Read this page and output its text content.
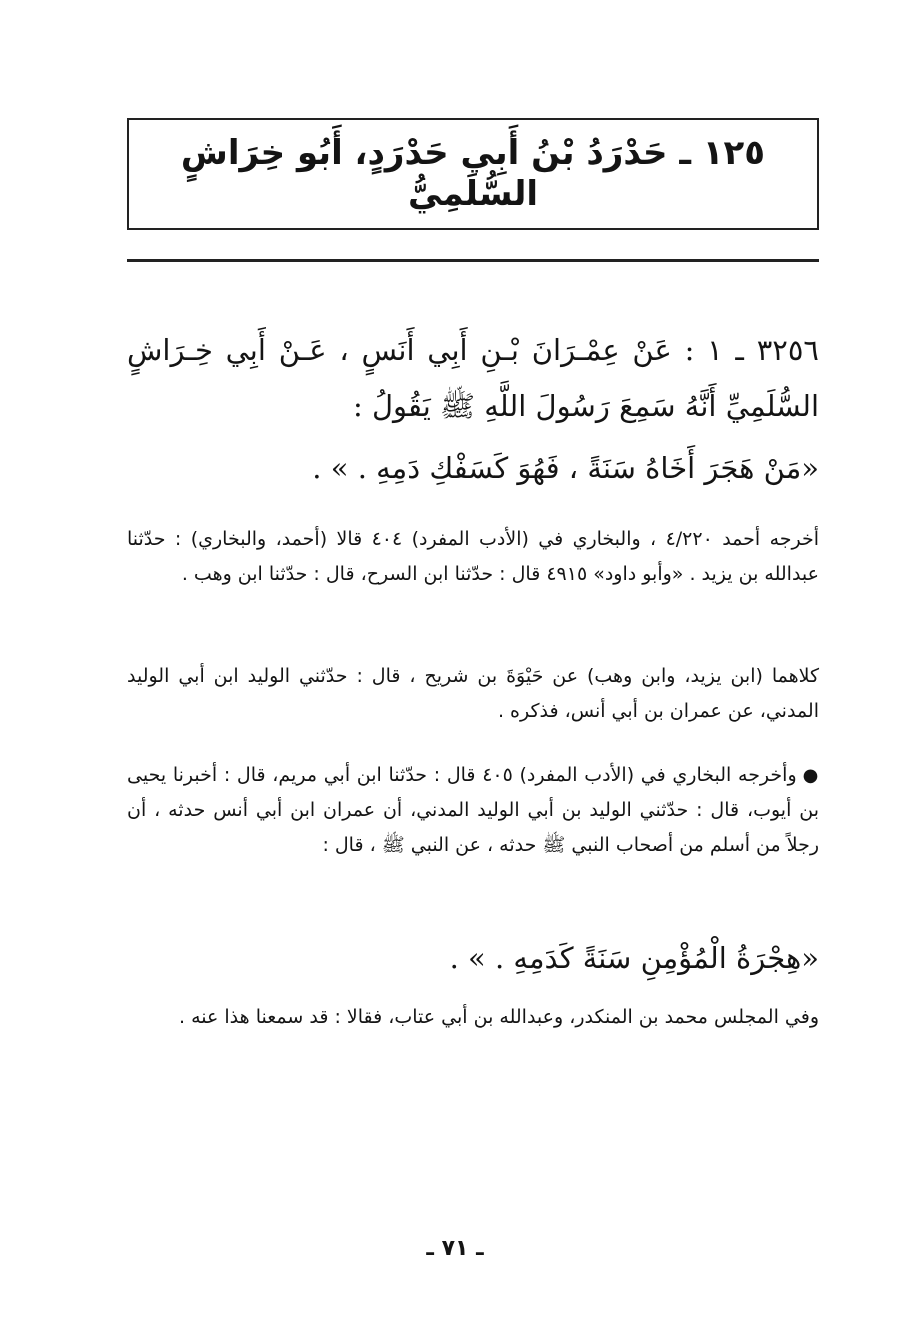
١٢٥ ـ حَدْرَدُ بْنُ أَبِي حَدْرَدٍ، أَبُو خِرَاشٍ السُّلَمِيُّ
٣٢٥٦ ـ ١ : عَنْ عِمْـرَانَ بْـنِ أَبِي أَنَسٍ ، عَـنْ أَبِي خِـرَاشٍ السُّلَمِيِّ أَنَّهُ سَمِعَ رَسُولَ اللَّهِ ﷺ يَقُولُ :
«مَنْ هَجَرَ أَخَاهُ سَنَةً ، فَهُوَ كَسَفْكِ دَمِهِ . » .
أخرجه أحمد ٤/٢٢٠ ، والبخاري في (الأدب المفرد) ٤٠٤ قالا (أحمد، والبخاري) : حدّثنا عبدالله بن يزيد . «وأبو داود» ٤٩١٥ قال : حدّثنا ابن السرح، قال : حدّثنا ابن وهب .
كلاهما (ابن يزيد، وابن وهب) عن حَيْوَةَ بن شريح ، قال : حدّثني الوليد ابن أبي الوليد المدني، عن عمران بن أبي أنس، فذكره .
●وأخرجه البخاري في (الأدب المفرد) ٤٠٥ قال : حدّثنا ابن أبي مريم، قال : أخبرنا يحيى بن أيوب، قال : حدّثني الوليد بن أبي الوليد المدني، أن عمران ابن أبي أنس حدثه ، أن رجلاً من أسلم من أصحاب النبي ﷺ حدثه ، عن النبي ﷺ ، قال :
«هِجْرَةُ الْمُؤْمِنِ سَنَةً كَدَمِهِ . » .
وفي المجلس محمد بن المنكدر، وعبدالله بن أبي عتاب، فقالا : قد سمعنا هذا عنه .
ـ ٧١ ـ
